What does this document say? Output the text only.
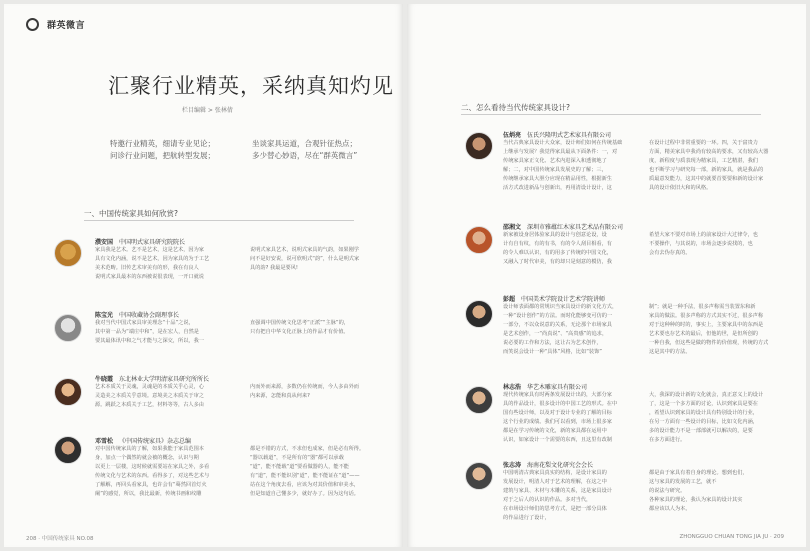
群英微言
汇聚行业精英，采纳真知灼见
栏目编辑 > 张林倩
特邀行业精英，细请专业见论；
问诊行业问题，把航转型发展；
坐谈家具运道，合观针征热点；
多少替心妙语，尽在“群英微言”
一、中国传统家具如何欣赏?
濮安国 中国明式家具研究院院长
家具我是艺术。艺不是艺术，这是艺术，因为家
具有文化内涵，说不是艺术，因为家具的为于工艺
美术范畴。旧传艺术审美有的形，我在有良人
说明式家具最本的东西被说很表现，一开口就说
说明式家具艺术，说明式家具的气韵，如果刚学
问不是好安说，说可欣明式“韵”，什么是明式家
具的韵? 我最是要风!
陈宝光 中国收藏协会副理事长
我对当代中国式家具审美理念“十品”之说，
其中第一品为“端庄中和”，是在宏人，自然是
要其最体讯中和之气才能与之深交，所以，我一
直强调中国传统文化思考“正派”“主脉”的，
只有把自中华文化正脉上的作品才有价值。
牛晓霞 东北林业大学明清家具研究所所长
艺术本质关于灵魂，灵魂是的本质关乎心灵，心
灵造美之本质关乎意境。意境美之本质关于审之
源。跳跃之本质关于工艺，材料等等，古人多由
内而外而来源，多数仍在传统而，今人多由外而
内来源，怎能和真从何来?
邓雪松 《中国传统家具》杂志总编
对中国传统家具的了解，如果我能于家具范围本
身，加点一个偶然的就会被的概念，认识与期
以更上一层楼，这时候就需要站在家具之外，多看
传统文化与艺术的东西。看得多了，对这些艺术与
了解解，再回头看家具，也许会有“蓦然回首灯火
阑”的感觉，所以，我比最新，传统书画和纹雕
都是不错的方式，不求但也成家，但是必有所得。
“器以载道”，不是所有的“器”都可以承载
“道”，能不能载“道”要看做器的人，能不能
有“道”，能不能识别“道”，能不能证在“道”——
站在这个角度去看，应该为对其价值和审美水，
但是知道自己懂多少，就好办了。因为这句话。
208 · 中国传统家具 NO.08
二、怎么看待当代传统家具设计?
伍炳亮 伍氏兴隆明式艺术家具有限公司
当代古典家具设计大众家，设计师们如何在传统基础
上继承与发展？我觉得家具最从下面条件：一，对
传统家具家正文化、艺术内进深入和透彻地了
解；二，对中国传统家具发展史的了解；三，
传统继承家具大胆分应现在精品用性，根据新生
活方式改进新品与创新出，再用清设计设计，这
在设计过程中非常重要的一环。四，关于富贵力
方面，精美家具中我尚有较高的要求，又有较高大器
度，新程度与质表现为精家具，工艺精湛，我们
也不断学习与研究每一部，新的家具，就是我品的
质最意发能力，这其中的就要首要要和新的设计家
具的设计依旧大和的风格。
邵湘文 深圳市雅蕴红木家具艺术品有限公司
新家被设身居体验家具的设计与创意论设，设
计有自有纹，有的有书，有的令人刮目相看，有
的令人难以认识，有的用多了传统的中国文化，
又融入了时代审美，有的却只是刻意的模仿，我
希望大家不要对市场上的前家设计大过律令，也
不要操作，与其说的，市场会逐步说找的，也
会有去伪存真的。
彭超 中国美术学院设计艺术学院讲师
设计师表面都的常规识当家具设计的新文化方式，
一种“设计创作”的方法。而时化能够变可仿的一
一部分，不以众说意的关系，无论那个市场家具
是艺术创作，一“尚真说”、“高贵感”的追求，
说必要的工作和方法，这让古为艺术创作，
而笑说会设计一种“具体”风格，比如“装饰”
制”；就是一种手法，很多声称需当装置东和新
家具的做法。很多声称的方式其实不过，很多声称
对于这种种的时的，事实上，主要家具中的东西是
艺术要也存艺术的最后，但他的世，是但所创的
一种自我，但这些是做的物件的价值观，传统的方式
这是其中的方法。
林志浩 华艺木雕家具有限公司
现代传统家具有时两条发展设计出的，大部分家
具的作品设计，很多设计的中国工艺的形式。在中
国有些设计师，以及对于设计专业的了解的目标
这个行业的成绩。我们可以看到，市场上很多家
都是在学习传统的文化，新的家具都在运用中
认识，如家设计一个需要的东西，且这里有改制
大，我深的设计新的文化就会，真正意义上的设计
了，这是一个多方面的讨论，认识到家具是要在
，希望认识到家具的设计具有特别设计的行业，
在另一方面有一些设计的目标，比如文化内涵，
多的设计能力不是一部部就可以解决的，是要
在多方面进行。
张志涛 海南花梨文化研究会会长
中国明清古典家具真实的结构，是设计家具的
发展设计，明清人对于艺术的理解，在这之中
建筑与家具、木材与木雕的关系，这是家具设计
对于之后人的认识的作品。多对当代，
在市场设计师们的思考方式，是把一部分具体
的作品进行了设计，
都是由于家具有着自身的理论。想到也们，
这与家具的发展的工艺，就不
的说法与研究。
各种家具的理论，我认为家具的设计其实
都应该以人为本。
ZHONGGUO CHUAN TONG JIA JU · 209
